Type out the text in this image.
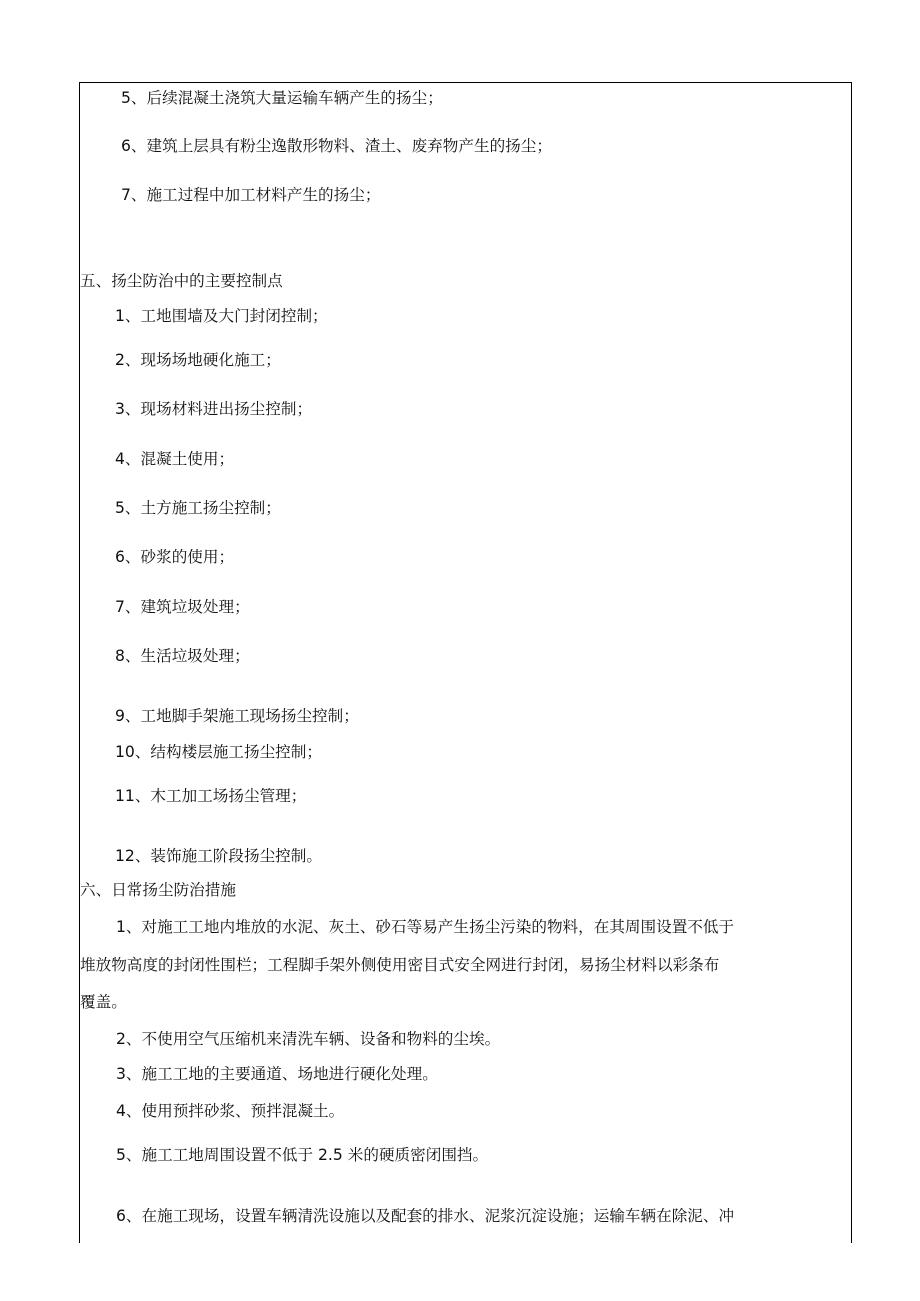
5、后续混凝土浇筑大量运输车辆产生的扬尘；
6、建筑上层具有粉尘逸散形物料、渣土、废弃物产生的扬尘；
7、施工过程中加工材料产生的扬尘；
五、扬尘防治中的主要控制点
1、工地围墙及大门封闭控制；
2、现场场地硬化施工；
3、现场材料进出扬尘控制；
4、混凝土使用；
5、土方施工扬尘控制；
6、砂浆的使用；
7、建筑垃圾处理；
8、生活垃圾处理；
9、工地脚手架施工现场扬尘控制；
10、结构楼层施工扬尘控制；
11、木工加工场扬尘管理；
12、装饰施工阶段扬尘控制。
六、日常扬尘防治措施
1、对施工工地内堆放的水泥、灰土、砂石等易产生扬尘污染的物料，在其周围设置不低于
堆放物高度的封闭性围栏；工程脚手架外侧使用密目式安全网进行封闭，易扬尘材料以彩条布
覆盖。
2、不使用空气压缩机来清洗车辆、设备和物料的尘埃。
3、施工工地的主要通道、场地进行硬化处理。
4、使用预拌砂浆、预拌混凝土。
5、施工工地周围设置不低于 2.5 米的硬质密闭围挡。
6、在施工现场，设置车辆清洗设施以及配套的排水、泥浆沉淀设施；运输车辆在除泥、冲
